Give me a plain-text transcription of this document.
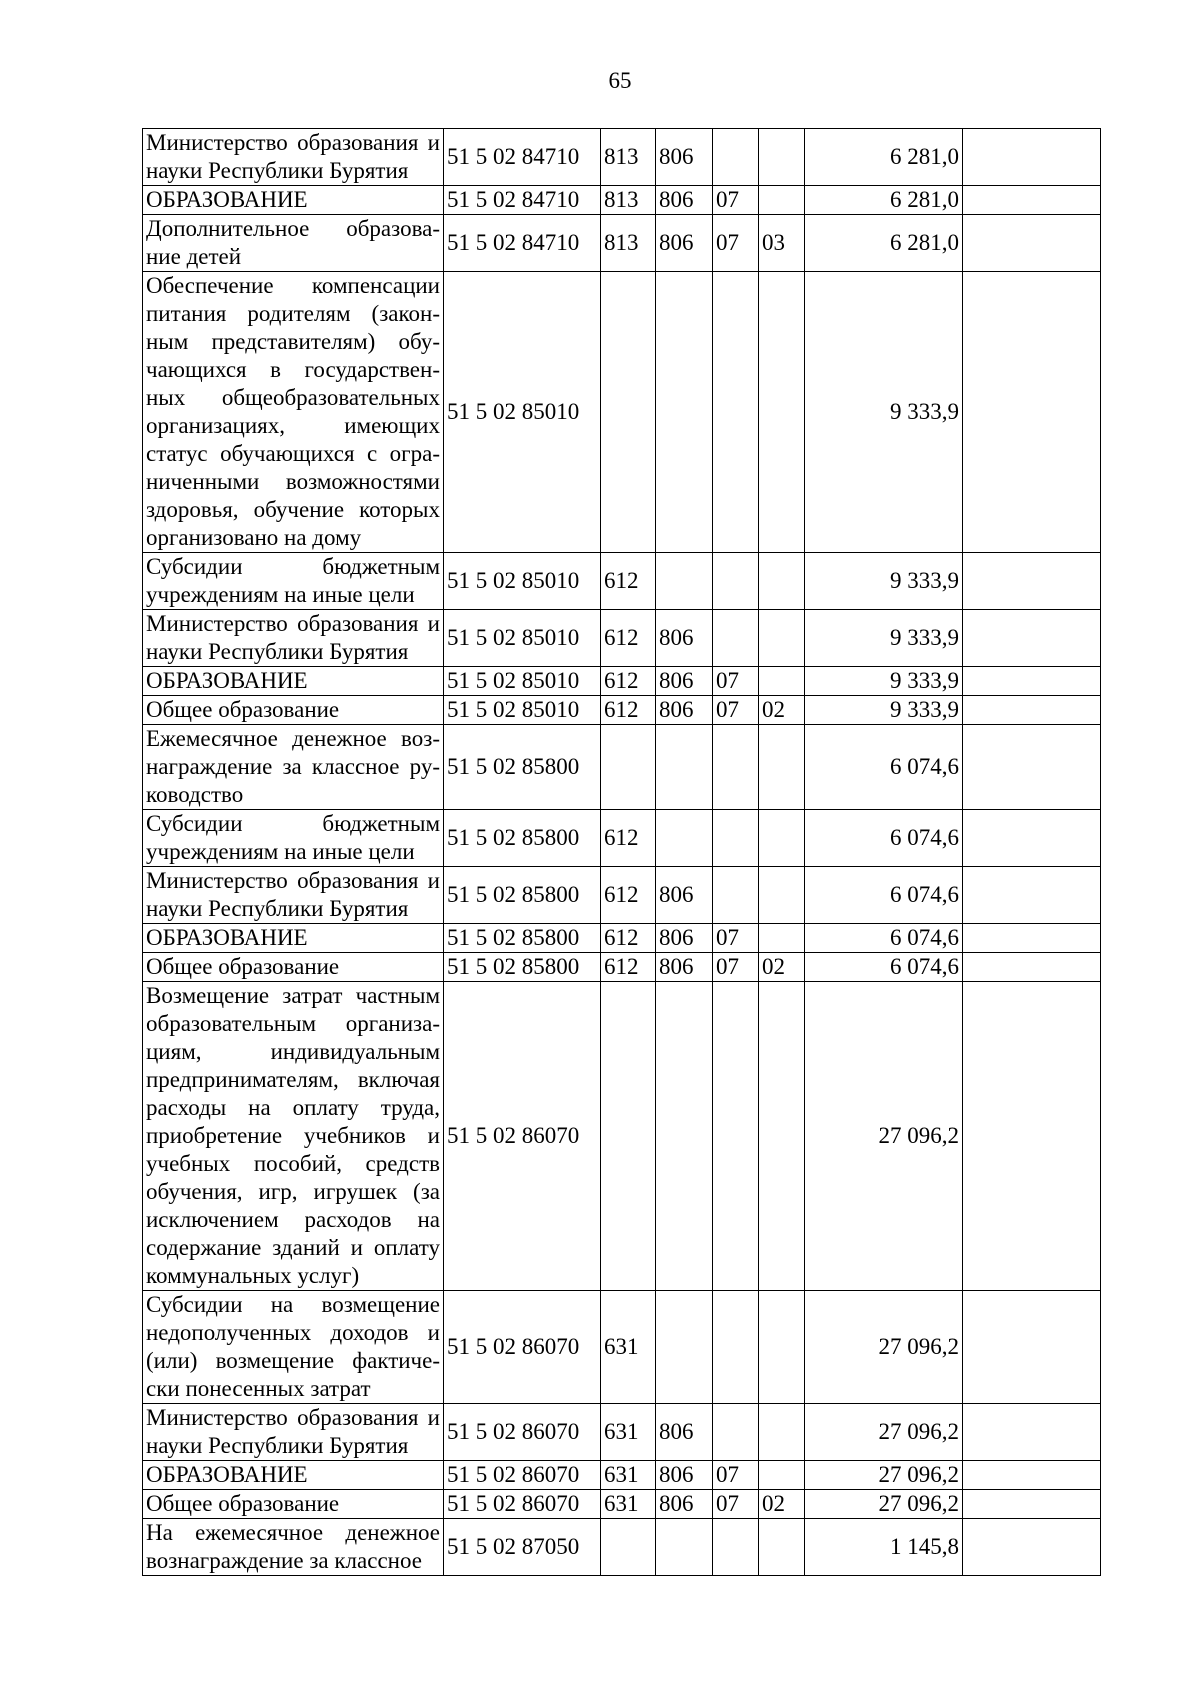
65
Министерство образования и науки Республики Бурятия	51 5 02 84710	813	806			6 281,0	
ОБРАЗОВАНИЕ	51 5 02 84710	813	806	07		6 281,0	
Дополнительное образова-ние детей	51 5 02 84710	813	806	07	03	6 281,0	
Обеспечение компенсации питания родителям (закон-ным представителям) обу-чающихся в государствен-ных общеобразовательных организациях, имеющих статус обучающихся с огра-ниченными возможностями здоровья, обучение которых организовано на дому	51 5 02 85010					9 333,9	
Субсидии бюджетным учреждениям на иные цели	51 5 02 85010	612				9 333,9	
Министерство образования и науки Республики Бурятия	51 5 02 85010	612	806			9 333,9	
ОБРАЗОВАНИЕ	51 5 02 85010	612	806	07		9 333,9	
Общее образование	51 5 02 85010	612	806	07	02	9 333,9	
Ежемесячное денежное воз-награждение за классное ру-ководство	51 5 02 85800					6 074,6	
Субсидии бюджетным учреждениям на иные цели	51 5 02 85800	612				6 074,6	
Министерство образования и науки Республики Бурятия	51 5 02 85800	612	806			6 074,6	
ОБРАЗОВАНИЕ	51 5 02 85800	612	806	07		6 074,6	
Общее образование	51 5 02 85800	612	806	07	02	6 074,6	
Возмещение затрат частным образовательным организа-циям, индивидуальным предпринимателям, включая расходы на оплату труда, приобретение учебников и учебных пособий, средств обучения, игр, игрушек (за исключением расходов на содержание зданий и оплату коммунальных услуг)	51 5 02 86070					27 096,2	
Субсидии на возмещение недополученных доходов и (или) возмещение фактиче-ски понесенных затрат	51 5 02 86070	631				27 096,2	
Министерство образования и науки Республики Бурятия	51 5 02 86070	631	806			27 096,2	
ОБРАЗОВАНИЕ	51 5 02 86070	631	806	07		27 096,2	
Общее образование	51 5 02 86070	631	806	07	02	27 096,2	
На ежемесячное денежное вознаграждение за классное	51 5 02 87050					1 145,8	
